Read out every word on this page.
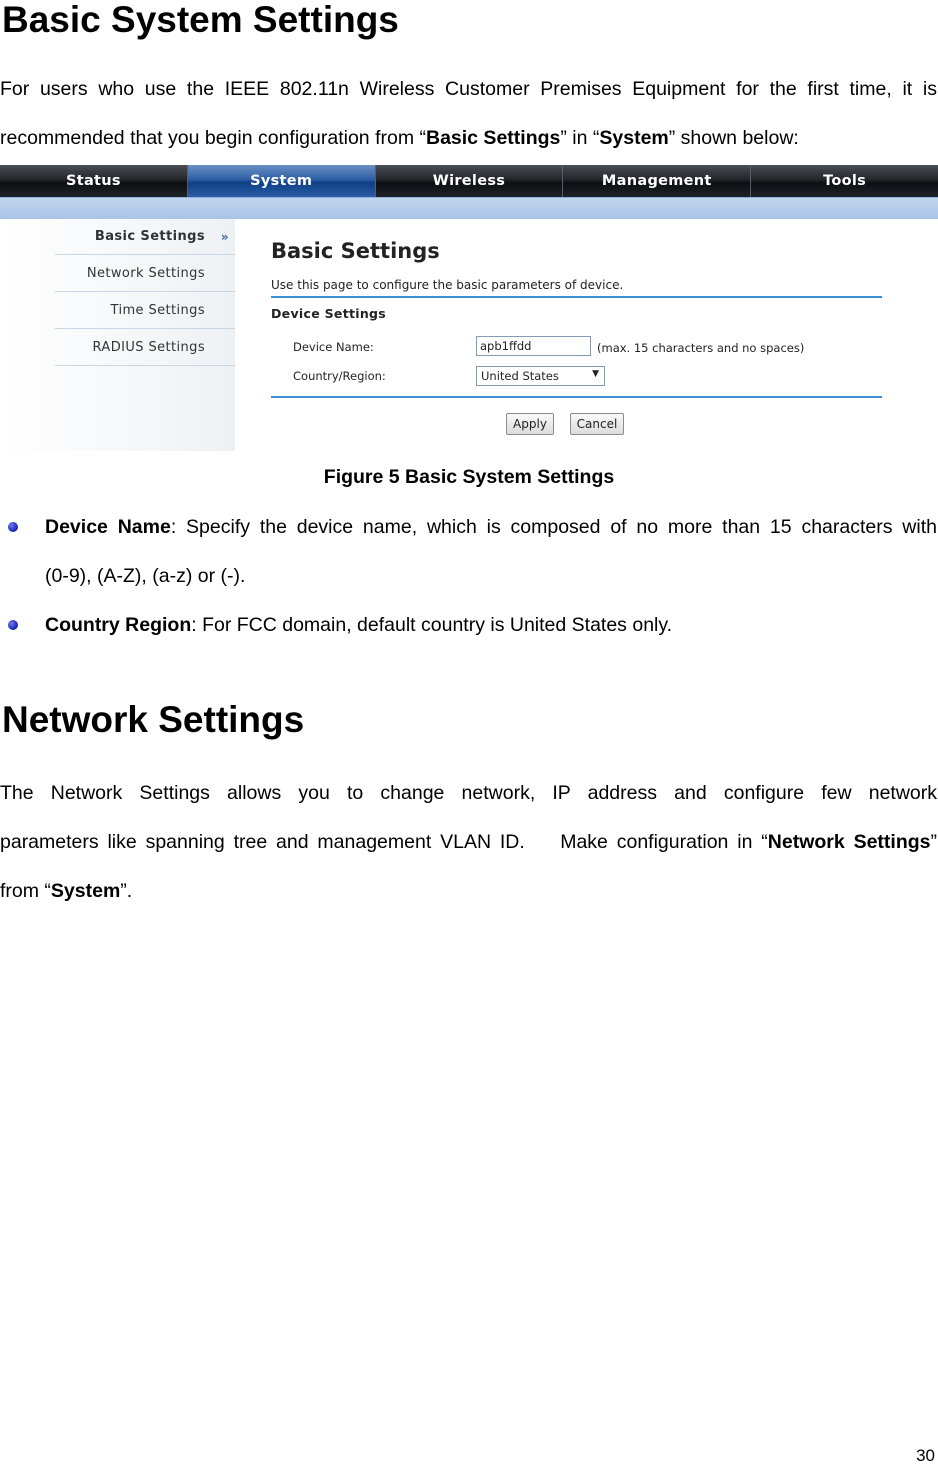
Basic System Settings

For users who use the IEEE 802.11n Wireless Customer Premises Equipment for the first time, it is

recommended that you begin configuration from “Basic Settings” in “System” shown below:

Status	System	Wireless	Management	Tools
Basic Settings »
Network Settings
Time Settings
RADIUS Settings
Basic Settings
Use this page to configure the basic parameters of device.
Device Settings
Device Name:	apb1ffdd	(max. 15 characters and no spaces)
Country/Region:	United States	▼
Apply	Cancel
Figure 5 Basic System Settings

Device Name: Specify the device name, which is composed of no more than 15 characters with

(0-9), (A-Z), (a-z) or (-).

Country Region: For FCC domain, default country is United States only.

Network Settings

The Network Settings allows you to change network, IP address and configure few network

parameters like spanning tree and management VLAN ID.    Make configuration in “Network Settings”

from “System”.

30
